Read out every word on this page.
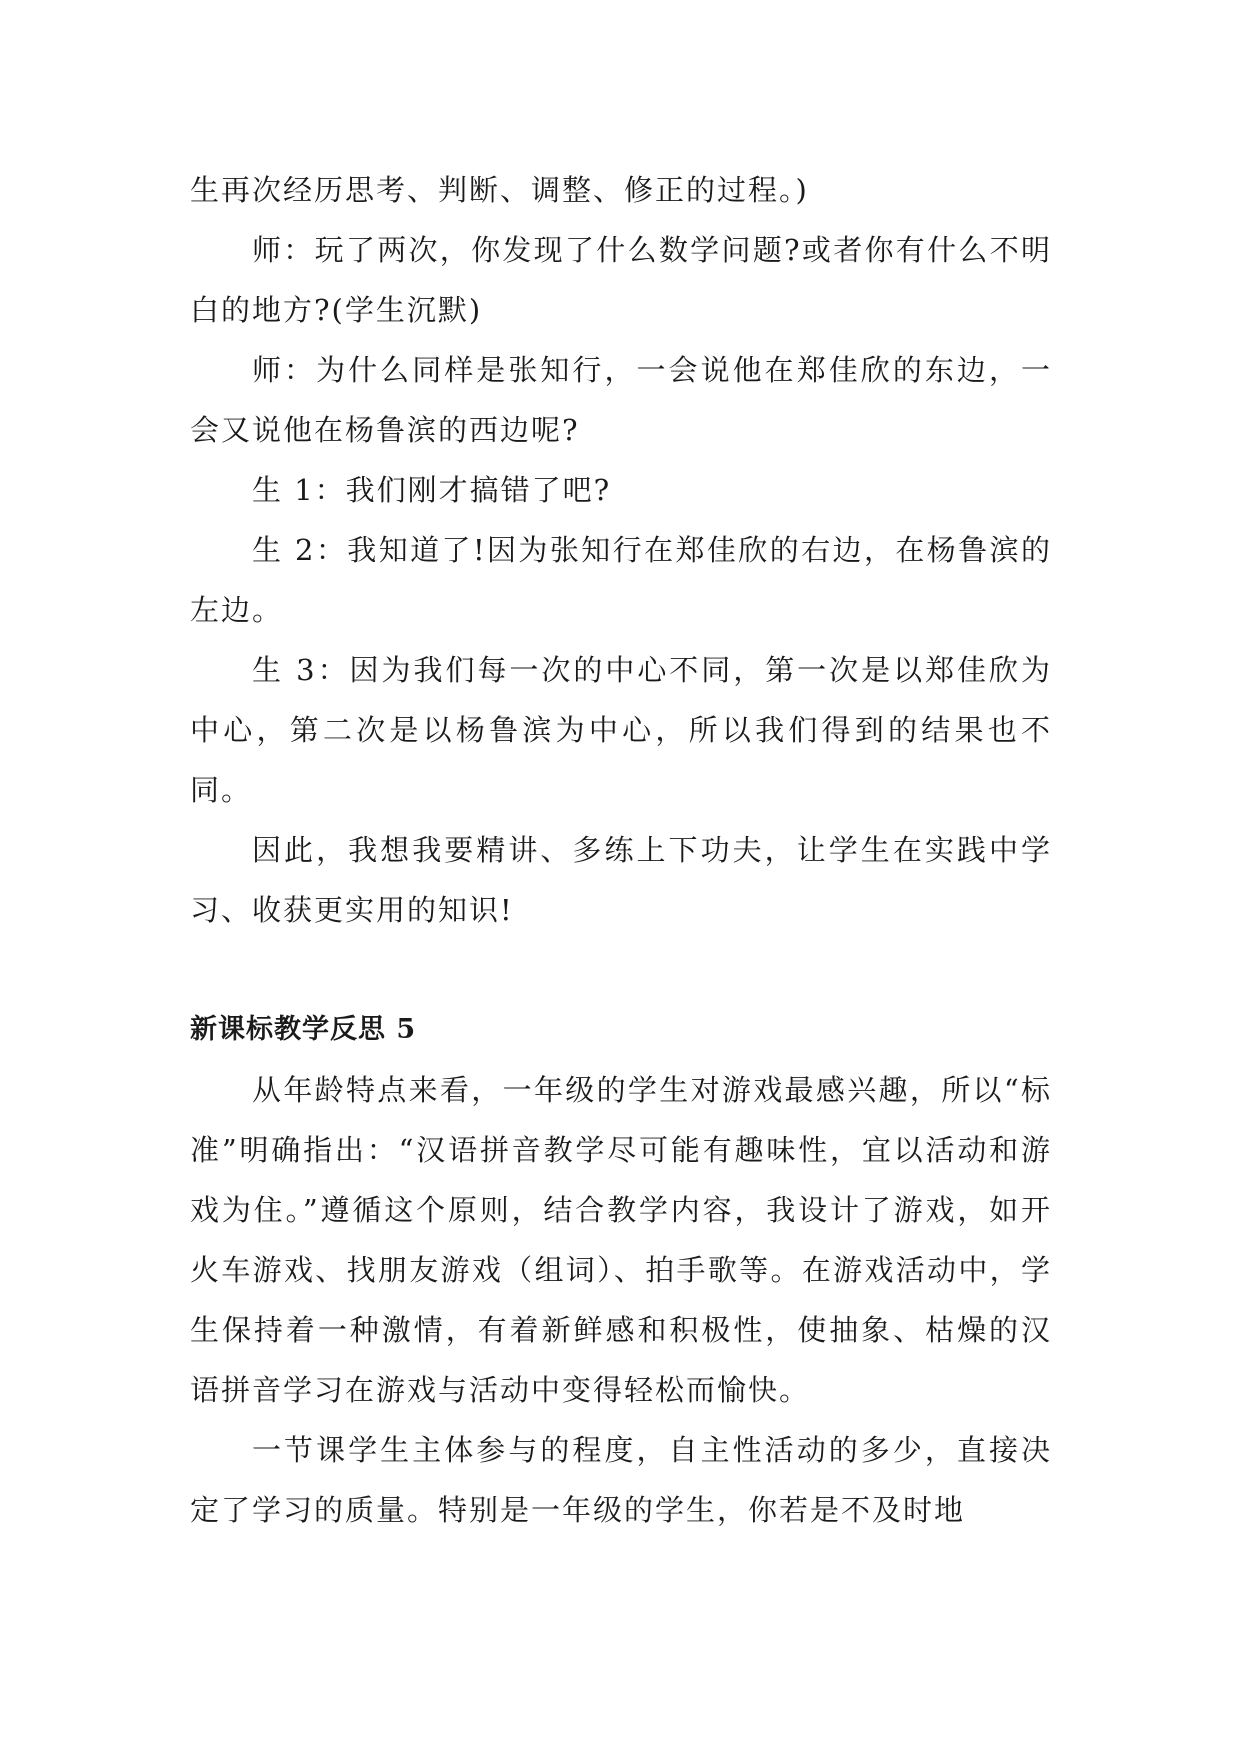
生再次经历思考、判断、调整、修正的过程。)

师：玩了两次，你发现了什么数学问题?或者你有什么不明白的地方?(学生沉默)

师：为什么同样是张知行，一会说他在郑佳欣的东边，一会又说他在杨鲁滨的西边呢?

生 1：我们刚才搞错了吧?

生 2：我知道了!因为张知行在郑佳欣的右边，在杨鲁滨的左边。

生 3：因为我们每一次的中心不同，第一次是以郑佳欣为中心，第二次是以杨鲁滨为中心，所以我们得到的结果也不同。

因此，我想我要精讲、多练上下功夫，让学生在实践中学习、收获更实用的知识!

新课标教学反思 5

从年龄特点来看，一年级的学生对游戏最感兴趣，所以“标准”明确指出：“汉语拼音教学尽可能有趣味性，宜以活动和游戏为住。”遵循这个原则，结合教学内容，我设计了游戏，如开火车游戏、找朋友游戏（组词）、拍手歌等。在游戏活动中，学生保持着一种激情，有着新鲜感和积极性，使抽象、枯燥的汉语拼音学习在游戏与活动中变得轻松而愉快。

一节课学生主体参与的程度，自主性活动的多少，直接决定了学习的质量。特别是一年级的学生，你若是不及时地
